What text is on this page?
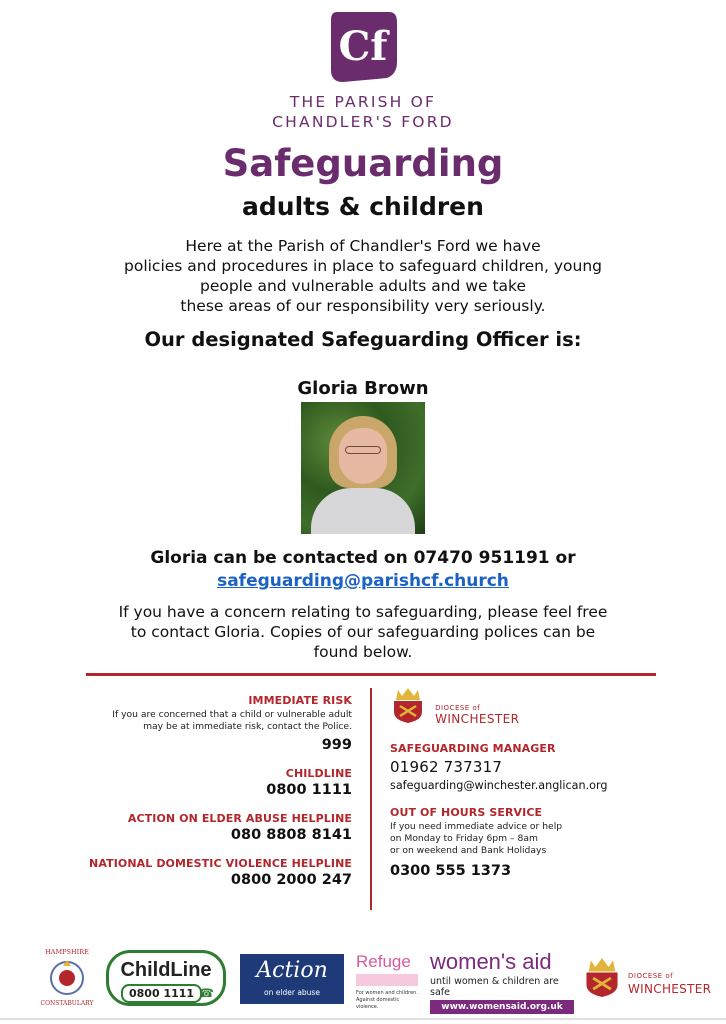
Cf
THE PARISH OF
CHANDLER'S FORD
Safeguarding
adults & children
Here at the Parish of Chandler's Ford we have
policies and procedures in place to safeguard children, young
people and vulnerable adults and we take
these areas of our responsibility very seriously.
Our designated Safeguarding Officer is:
Gloria Brown
Gloria can be contacted on 07470 951191 or
safeguarding@parishcf.church
If you have a concern relating to safeguarding, please feel free
to contact Gloria. Copies of our safeguarding polices can be
found below.
IMMEDIATE RISK
If you are concerned that a child or vulnerable adult
may be at immediate risk, contact the Police.
999
CHILDLINE
0800 1111
ACTION ON ELDER ABUSE HELPLINE
080 8808 8141
NATIONAL DOMESTIC VIOLENCE HELPLINE
0800 2000 247

DIOCESE of
WINCHESTER
SAFEGUARDING MANAGER
01962 737317
safeguarding@winchester.anglican.org
OUT OF HOURS SERVICE
If you need immediate advice or help
on Monday to Friday 6pm – 8am
or on weekend and Bank Holidays
0300 555 1373
HAMPSHIRE
CONSTABULARY
ChildLine
0800 1111 ☎
Action
on elder abuse
Refuge
For women and children.
Against domestic violence.
women's aid
until women & children are safe
www.womensaid.org.uk
DIOCESE of
WINCHESTER
